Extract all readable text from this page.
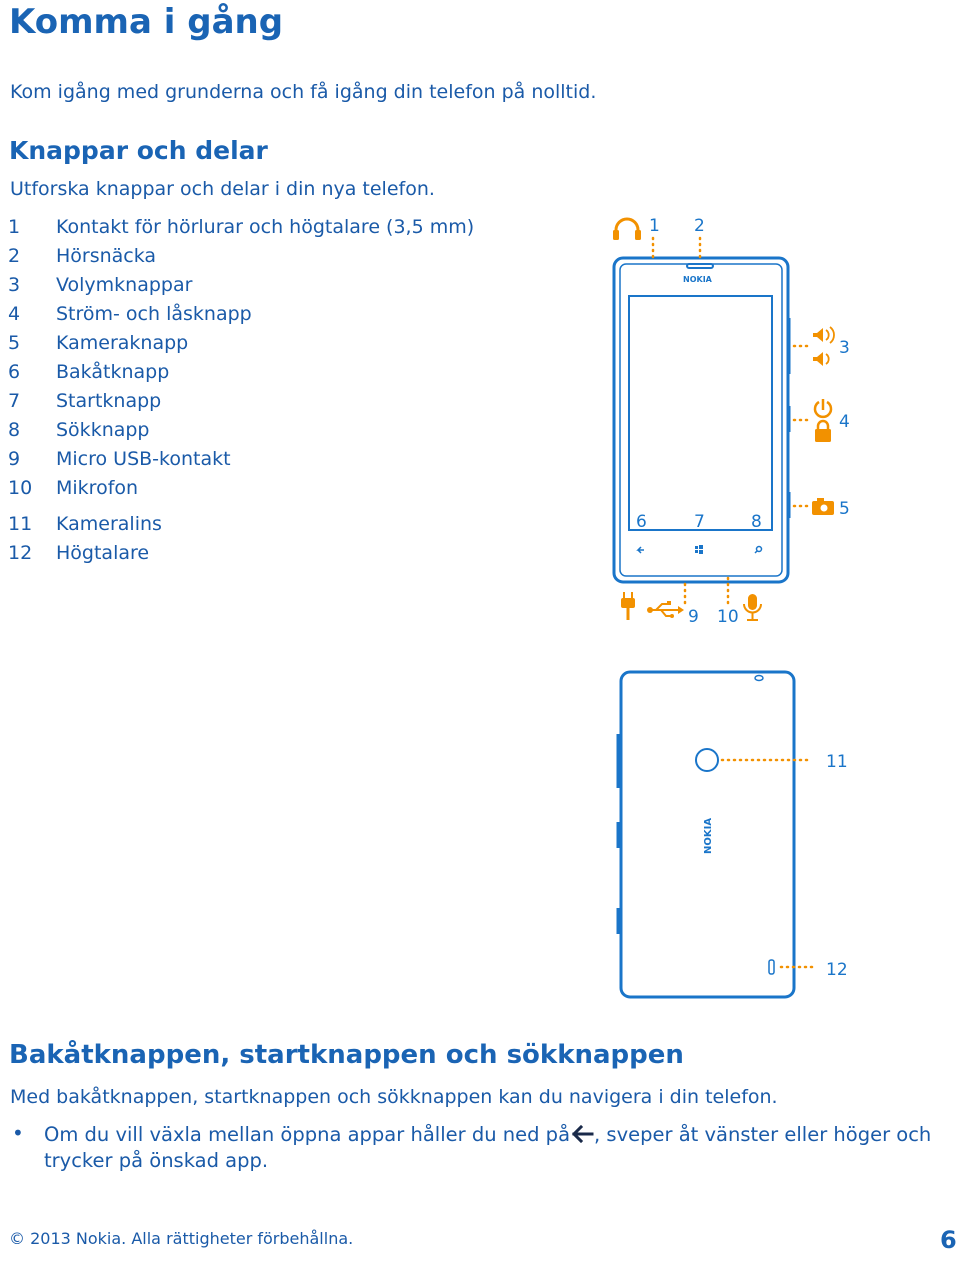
Komma i gång
Kom igång med grunderna och få igång din telefon på nolltid.
Knappar och delar
Utforska knappar och delar i din nya telefon.
1 Kontakt för hörlurar och högtalare (3,5 mm)
2 Hörsnäcka
3 Volymknappar
4 Ström- och låsknapp
5 Kameraknapp
6 Bakåtknapp
7 Startknapp
8 Sökknapp
9 Micro USB-kontakt
10 Mikrofon
11 Kameralins
12 Högtalare
NOKIA
1 2
3
4
5
6	7	8
9 10
NOKIA
11
12
Bakåtknappen, startknappen och sökknappen
Med bakåtknappen, startknappen och sökknappen kan du navigera i din telefon.
• Om du vill växla mellan öppna appar håller du ned på , sveper åt vänster eller höger och trycker på önskad app.
© 2013 Nokia. Alla rättigheter förbehållna.	6
